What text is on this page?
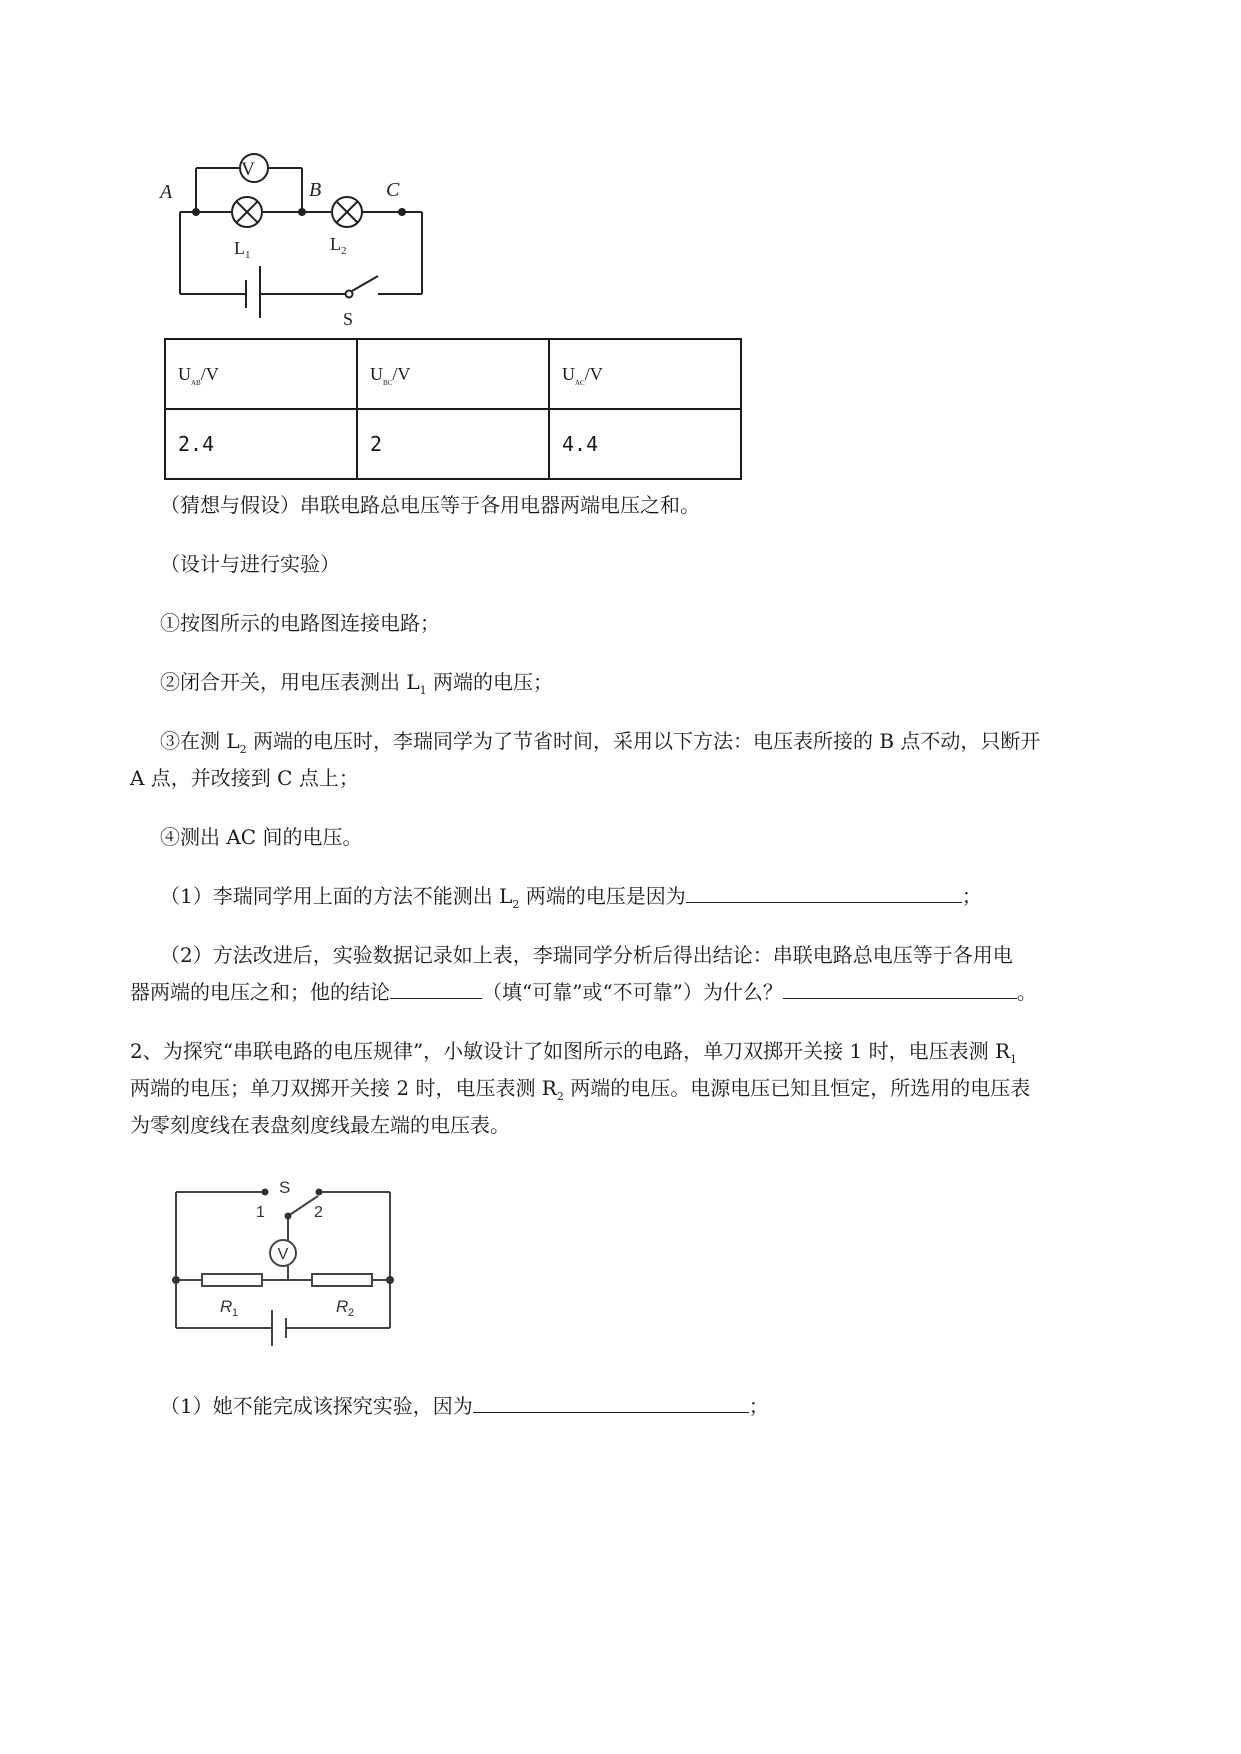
V
A	B	C
L 1
L 2
S
$U_{AB}/V$	$U_{BC}/V$	$U_{AC}/V$
2.4	2	4.4
（猜想与假设）串联电路总电压等于各用电器两端电压之和。
（设计与进行实验）
①按图所示的电路图连接电路；
②闭合开关，用电压表测出 $L_1$ 两端的电压；
③在测 $L_2$ 两端的电压时，李瑞同学为了节省时间，采用以下方法：电压表所接的 B 点不动，只断开
A 点，并改接到 C 点上；
④测出 AC 间的电压。
（1）李瑞同学用上面的方法不能测出 $L_2$ 两端的电压是因为	；
（2）方法改进后，实验数据记录如上表，李瑞同学分析后得出结论：串联电路总电压等于各用电
器两端的电压之和；他的结论	（填“可靠”或“不可靠”）为什么？	。
2、为探究“串联电路的电压规律”，小敏设计了如图所示的电路，单刀双掷开关接 1 时，电压表测 $R_1$
两端的电压；单刀双掷开关接 2 时，电压表测 $R_2$ 两端的电压。电源电压已知且恒定，所选用的电压表
为零刻度线在表盘刻度线最左端的电压表。
S
1	2
V
R 1	R 2
（1）她不能完成该探究实验，因为	；
